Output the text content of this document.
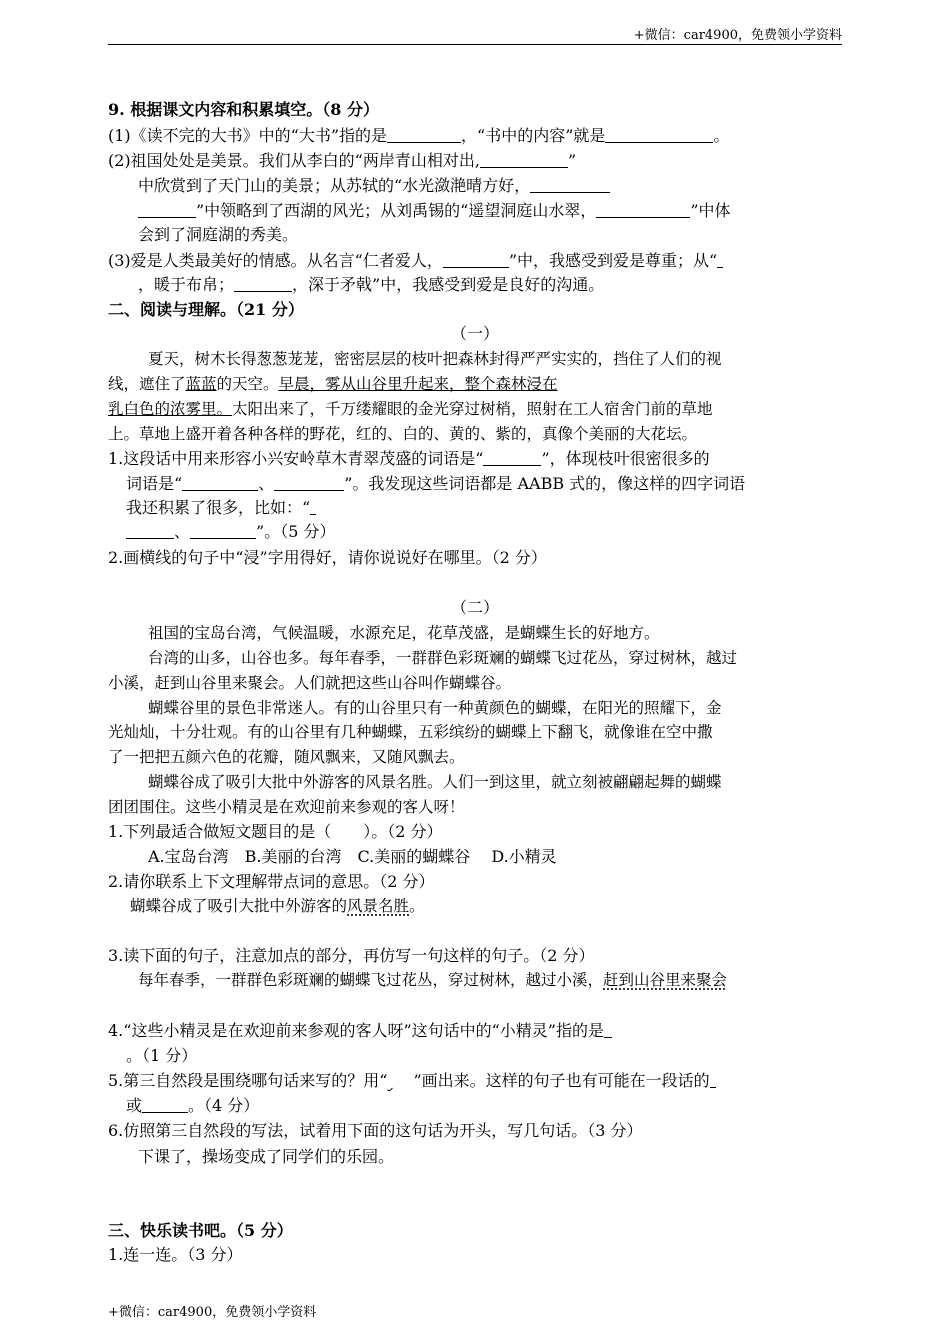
+微信：car4900，免费领小学资料
9. 根据课文内容和积累填空。（8 分）
(1)《读不完的大书》中的“大书”指的是	，“书中的内容”就是	。
(2)祖国处处是美景。我们从李白的“两岸青山相对出,	”
中欣赏到了天门山的美景；从苏轼的“水光潋滟晴方好，
”中领略到了西湖的风光；从刘禹锡的“遥望洞庭山水翠，	”中体
会到了洞庭湖的秀美。
(3)爱是人类最美好的情感。从名言“仁者爱人，	”中，我感受到爱是尊重；从“
，暖于布帛；	，深于矛戟”中，我感受到爱是良好的沟通。
二、阅读与理解。（21 分）
（一）
夏天，树木长得葱葱茏茏，密密层层的枝叶把森林封得严严实实的，挡住了人们的视
线，遮住了蓝蓝的天空。早晨，雾从山谷里升起来，整个森林浸在
乳白色的浓雾里。太阳出来了，千万缕耀眼的金光穿过树梢，照射在工人宿舍门前的草地
上。草地上盛开着各种各样的野花，红的、白的、黄的、紫的，真像个美丽的大花坛。
1.这段话中用来形容小兴安岭草木青翠茂盛的词语是“	”，体现枝叶很密很多的
词语是“	、	”。我发现这些词语都是 AABB 式的，像这样的四字词语
我还积累了很多，比如：“
、	”。（5 分）
2.画横线的句子中“浸”字用得好，请你说说好在哪里。（2 分）
（二）
祖国的宝岛台湾，气候温暖，水源充足，花草茂盛，是蝴蝶生长的好地方。
台湾的山多，山谷也多。每年春季，一群群色彩斑斓的蝴蝶飞过花丛，穿过树林，越过
小溪，赶到山谷里来聚会。人们就把这些山谷叫作蝴蝶谷。
蝴蝶谷里的景色非常迷人。有的山谷里只有一种黄颜色的蝴蝶，在阳光的照耀下，金
光灿灿，十分壮观。有的山谷里有几种蝴蝶，五彩缤纷的蝴蝶上下翻飞，就像谁在空中撒
了一把把五颜六色的花瓣，随风飘来，又随风飘去。
蝴蝶谷成了吸引大批中外游客的风景名胜。人们一到这里，就立刻被翩翩起舞的蝴蝶
团团围住。这些小精灵是在欢迎前来参观的客人呀！
1.下列最适合做短文题目的是（　　）。（2 分）
A.宝岛台湾　B.美丽的台湾　C.美丽的蝴蝶谷　 D.小精灵
2.请你联系上下文理解带点词的意思。（2 分）
蝴蝶谷成了吸引大批中外游客的风景名胜。
3.读下面的句子，注意加点的部分，再仿写一句这样的句子。（2 分）
每年春季，一群群色彩斑斓的蝴蝶飞过花丛，穿过树林，越过小溪，赶到山谷里来聚会
4.“这些小精灵是在欢迎前来参观的客人呀”这句话中的“小精灵”指的是
。（1 分）
5.第三自然段是围绕哪句话来写的？用“ ”画出来。这样的句子也有可能在一段话的
或	。（4 分）
6.仿照第三自然段的写法，试着用下面的这句话为开头，写几句话。（3 分）
下课了，操场变成了同学们的乐园。
三、快乐读书吧。（5 分）
1.连一连。（3 分）
+微信：car4900，免费领小学资料
